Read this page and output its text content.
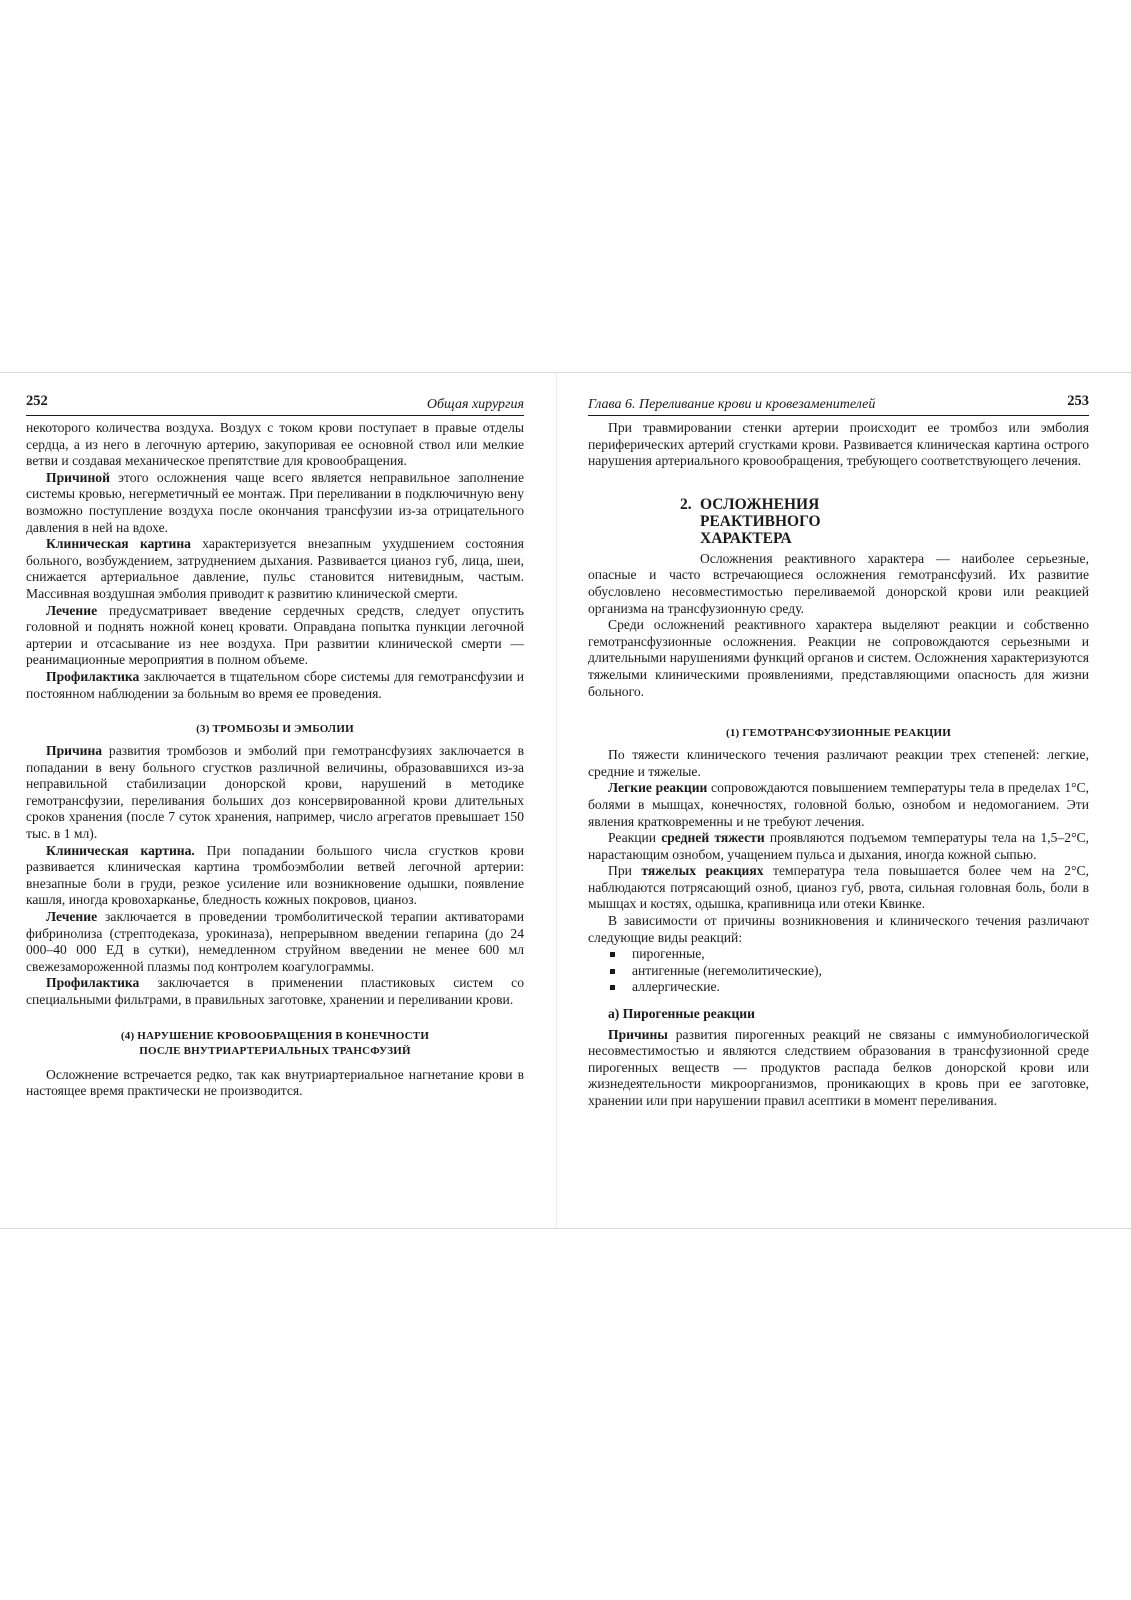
252	Общая хирургия

некоторого количества воздуха. Воздух с током крови поступает в правые отделы сердца, а из него в легочную артерию, закупоривая ее основной ствол или мелкие ветви и создавая механическое препятствие для кровообращения.

Причиной этого осложнения чаще всего является неправильное заполнение системы кровью, негерметичный ее монтаж. При переливании в подключичную вену возможно поступление воздуха после окончания трансфузии из-за отрицательного давления в ней на вдохе.

Клиническая картина характеризуется внезапным ухудшением состояния больного, возбуждением, затруднением дыхания. Развивается цианоз губ, лица, шеи, снижается артериальное давление, пульс становится нитевидным, частым. Массивная воздушная эмболия приводит к развитию клинической смерти.

Лечение предусматривает введение сердечных средств, следует опустить головной и поднять ножной конец кровати. Оправдана попытка пункции легочной артерии и отсасывание из нее воздуха. При развитии клинической смерти — реанимационные мероприятия в полном объеме.

Профилактика заключается в тщательном сборе системы для гемотрансфузии и постоянном наблюдении за больным во время ее проведения.

(3) ТРОМБОЗЫ И ЭМБОЛИИ

Причина развития тромбозов и эмболий при гемотрансфузиях заключается в попадании в вену больного сгустков различной величины, образовавшихся из-за неправильной стабилизации донорской крови, нарушений в методике гемотрансфузии, переливания больших доз консервированной крови длительных сроков хранения (после 7 суток хранения, например, число агрегатов превышает 150 тыс. в 1 мл).

Клиническая картина. При попадании большого числа сгустков крови развивается клиническая картина тромбоэмболии ветвей легочной артерии: внезапные боли в груди, резкое усиление или возникновение одышки, появление кашля, иногда кровохарканье, бледность кожных покровов, цианоз.

Лечение заключается в проведении тромболитической терапии активаторами фибринолиза (стрептодеказа, урокиназа), непрерывном введении гепарина (до 24 000–40 000 ЕД в сутки), немедленном струйном введении не менее 600 мл свежезамороженной плазмы под контролем коагулограммы.

Профилактика заключается в применении пластиковых систем со специальными фильтрами, в правильных заготовке, хранении и переливании крови.

(4) НАРУШЕНИЕ КРОВООБРАЩЕНИЯ В КОНЕЧНОСТИ
ПОСЛЕ ВНУТРИАРТЕРИАЛЬНЫХ ТРАНСФУЗИЙ

Осложнение встречается редко, так как внутриартериальное нагнетание крови в настоящее время практически не производится.

Глава 6. Переливание крови и кровезаменителей	253

При травмировании стенки артерии происходит ее тромбоз или эмболия периферических артерий сгустками крови. Развивается клиническая картина острого нарушения артериального кровообращения, требующего соответствующего лечения.

2. ОСЛОЖНЕНИЯ
РЕАКТИВНОГО
ХАРАКТЕРА

Осложнения реактивного характера — наиболее серьезные, опасные и часто встречающиеся осложнения гемотрансфузий. Их развитие обусловлено несовместимостью переливаемой донорской крови или реакцией организма на трансфузионную среду.

Среди осложнений реактивного характера выделяют реакции и собственно гемотрансфузионные осложнения. Реакции не сопровождаются серьезными и длительными нарушениями функций органов и систем. Осложнения характеризуются тяжелыми клиническими проявлениями, представляющими опасность для жизни больного.

(1) ГЕМОТРАНСФУЗИОННЫЕ РЕАКЦИИ

По тяжести клинического течения различают реакции трех степеней: легкие, средние и тяжелые.

Легкие реакции сопровождаются повышением температуры тела в пределах 1°С, болями в мышцах, конечностях, головной болью, ознобом и недомоганием. Эти явления кратковременны и не требуют лечения.

Реакции средней тяжести проявляются подъемом температуры тела на 1,5–2°С, нарастающим ознобом, учащением пульса и дыхания, иногда кожной сыпью.

При тяжелых реакциях температура тела повышается более чем на 2°С, наблюдаются потрясающий озноб, цианоз губ, рвота, сильная головная боль, боли в мышцах и костях, одышка, крапивница или отеки Квинке.

В зависимости от причины возникновения и клинического течения различают следующие виды реакций:

пирогенные,
антигенные (негемолитические),
аллергические.
а) Пирогенные реакции

Причины развития пирогенных реакций не связаны с иммунобиологической несовместимостью и являются следствием образования в трансфузионной среде пирогенных веществ — продуктов распада белков донорской крови или жизнедеятельности микроорганизмов, проникающих в кровь при ее заготовке, хранении или при нарушении правил асептики в момент переливания.
